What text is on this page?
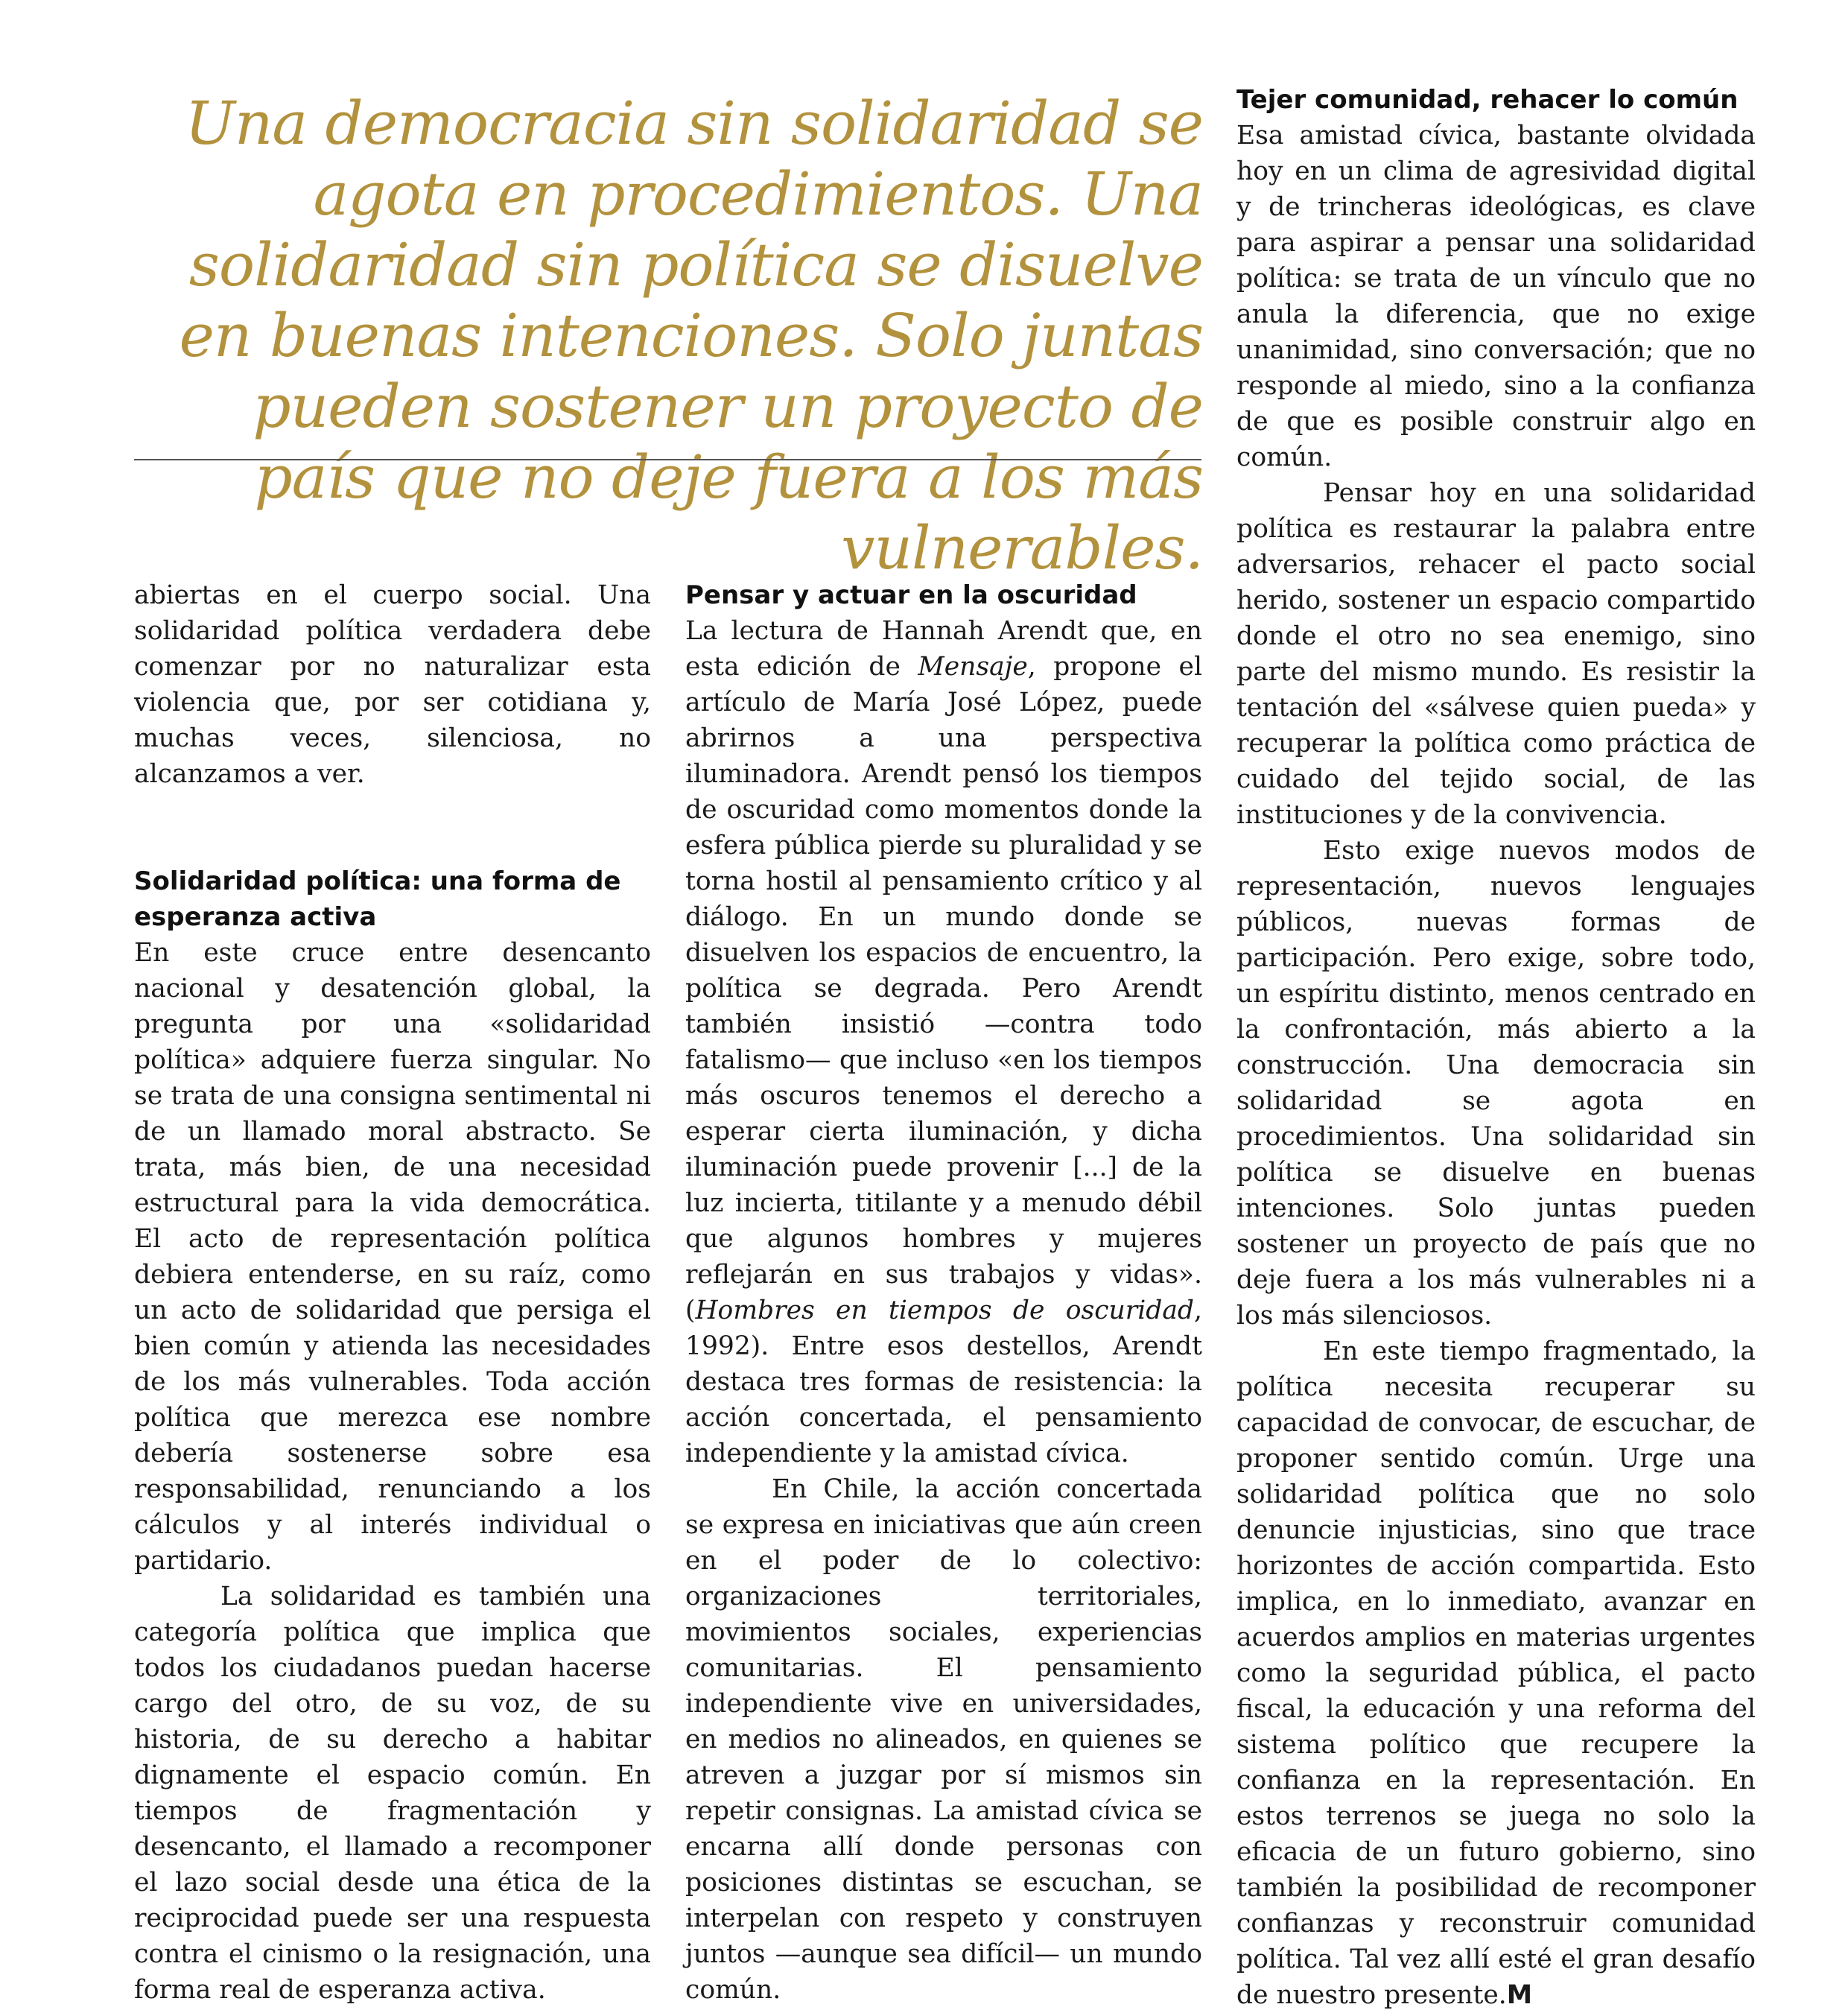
Una democracia sin solidaridad se agota en procedimientos. Una solidaridad sin política se disuelve en buenas intenciones. Solo juntas pueden sostener un proyecto de país que no deje fuera a los más vulnerables.

abiertas en el cuerpo social. Una solidaridad política verdadera debe comenzar por no naturalizar esta violencia que, por ser cotidiana y, muchas veces, silenciosa, no alcanzamos a ver.

Solidaridad política: una forma de esperanza activa

En este cruce entre desencanto nacional y desatención global, la pregunta por una «solidaridad política» adquiere fuerza singular. No se trata de una consigna sentimental ni de un llamado moral abstracto. Se trata, más bien, de una necesidad estructural para la vida democrática. El acto de representación política debiera entenderse, en su raíz, como un acto de solidaridad que persiga el bien común y atienda las necesidades de los más vulnerables. Toda acción política que merezca ese nombre debería sostenerse sobre esa responsabilidad, renunciando a los cálculos y al interés individual o partidario.

La solidaridad es también una categoría política que implica que todos los ciudadanos puedan hacerse cargo del otro, de su voz, de su historia, de su derecho a habitar dignamente el espacio común. En tiempos de fragmentación y desencanto, el llamado a recomponer el lazo social desde una ética de la reciprocidad puede ser una respuesta contra el cinismo o la resignación, una forma real de esperanza activa.

Pensar y actuar en la oscuridad

La lectura de Hannah Arendt que, en esta edición de Mensaje, propone el artículo de María José López, puede abrirnos a una perspectiva iluminadora. Arendt pensó los tiempos de oscuridad como momentos donde la esfera pública pierde su pluralidad y se torna hostil al pensamiento crítico y al diálogo. En un mundo donde se disuelven los espacios de encuentro, la política se degrada. Pero Arendt también insistió —contra todo fatalismo— que incluso «en los tiempos más oscuros tenemos el derecho a esperar cierta iluminación, y dicha iluminación puede provenir [...] de la luz incierta, titilante y a menudo débil que algunos hombres y mujeres reflejarán en sus trabajos y vidas». (Hombres en tiempos de oscuridad, 1992). Entre esos destellos, Arendt destaca tres formas de resistencia: la acción concertada, el pensamiento independiente y la amistad cívica.

En Chile, la acción concertada se expresa en iniciativas que aún creen en el poder de lo colectivo: organizaciones territoriales, movimientos sociales, experiencias comunitarias. El pensamiento independiente vive en universidades, en medios no alineados, en quienes se atreven a juzgar por sí mismos sin repetir consignas. La amistad cívica se encarna allí donde personas con posiciones distintas se escuchan, se interpelan con respeto y construyen juntos —aunque sea difícil— un mundo común.

Tejer comunidad, rehacer lo común

Esa amistad cívica, bastante olvidada hoy en un clima de agresividad digital y de trincheras ideológicas, es clave para aspirar a pensar una solidaridad política: se trata de un vínculo que no anula la diferencia, que no exige unanimidad, sino conversación; que no responde al miedo, sino a la confianza de que es posible construir algo en común.

Pensar hoy en una solidaridad política es restaurar la palabra entre adversarios, rehacer el pacto social herido, sostener un espacio compartido donde el otro no sea enemigo, sino parte del mismo mundo. Es resistir la tentación del «sálvese quien pueda» y recuperar la política como práctica de cuidado del tejido social, de las instituciones y de la convivencia.

Esto exige nuevos modos de representación, nuevos lenguajes públicos, nuevas formas de participación. Pero exige, sobre todo, un espíritu distinto, menos centrado en la confrontación, más abierto a la construcción. Una democracia sin solidaridad se agota en procedimientos. Una solidaridad sin política se disuelve en buenas intenciones. Solo juntas pueden sostener un proyecto de país que no deje fuera a los más vulnerables ni a los más silenciosos.

En este tiempo fragmentado, la política necesita recuperar su capacidad de convocar, de escuchar, de proponer sentido común. Urge una solidaridad política que no solo denuncie injusticias, sino que trace horizontes de acción compartida. Esto implica, en lo inmediato, avanzar en acuerdos amplios en materias urgentes como la seguridad pública, el pacto fiscal, la educación y una reforma del sistema político que recupere la confianza en la representación. En estos terrenos se juega no solo la eficacia de un futuro gobierno, sino también la posibilidad de recomponer confianzas y reconstruir comunidad política. Tal vez allí esté el gran desafío de nuestro presente.M
